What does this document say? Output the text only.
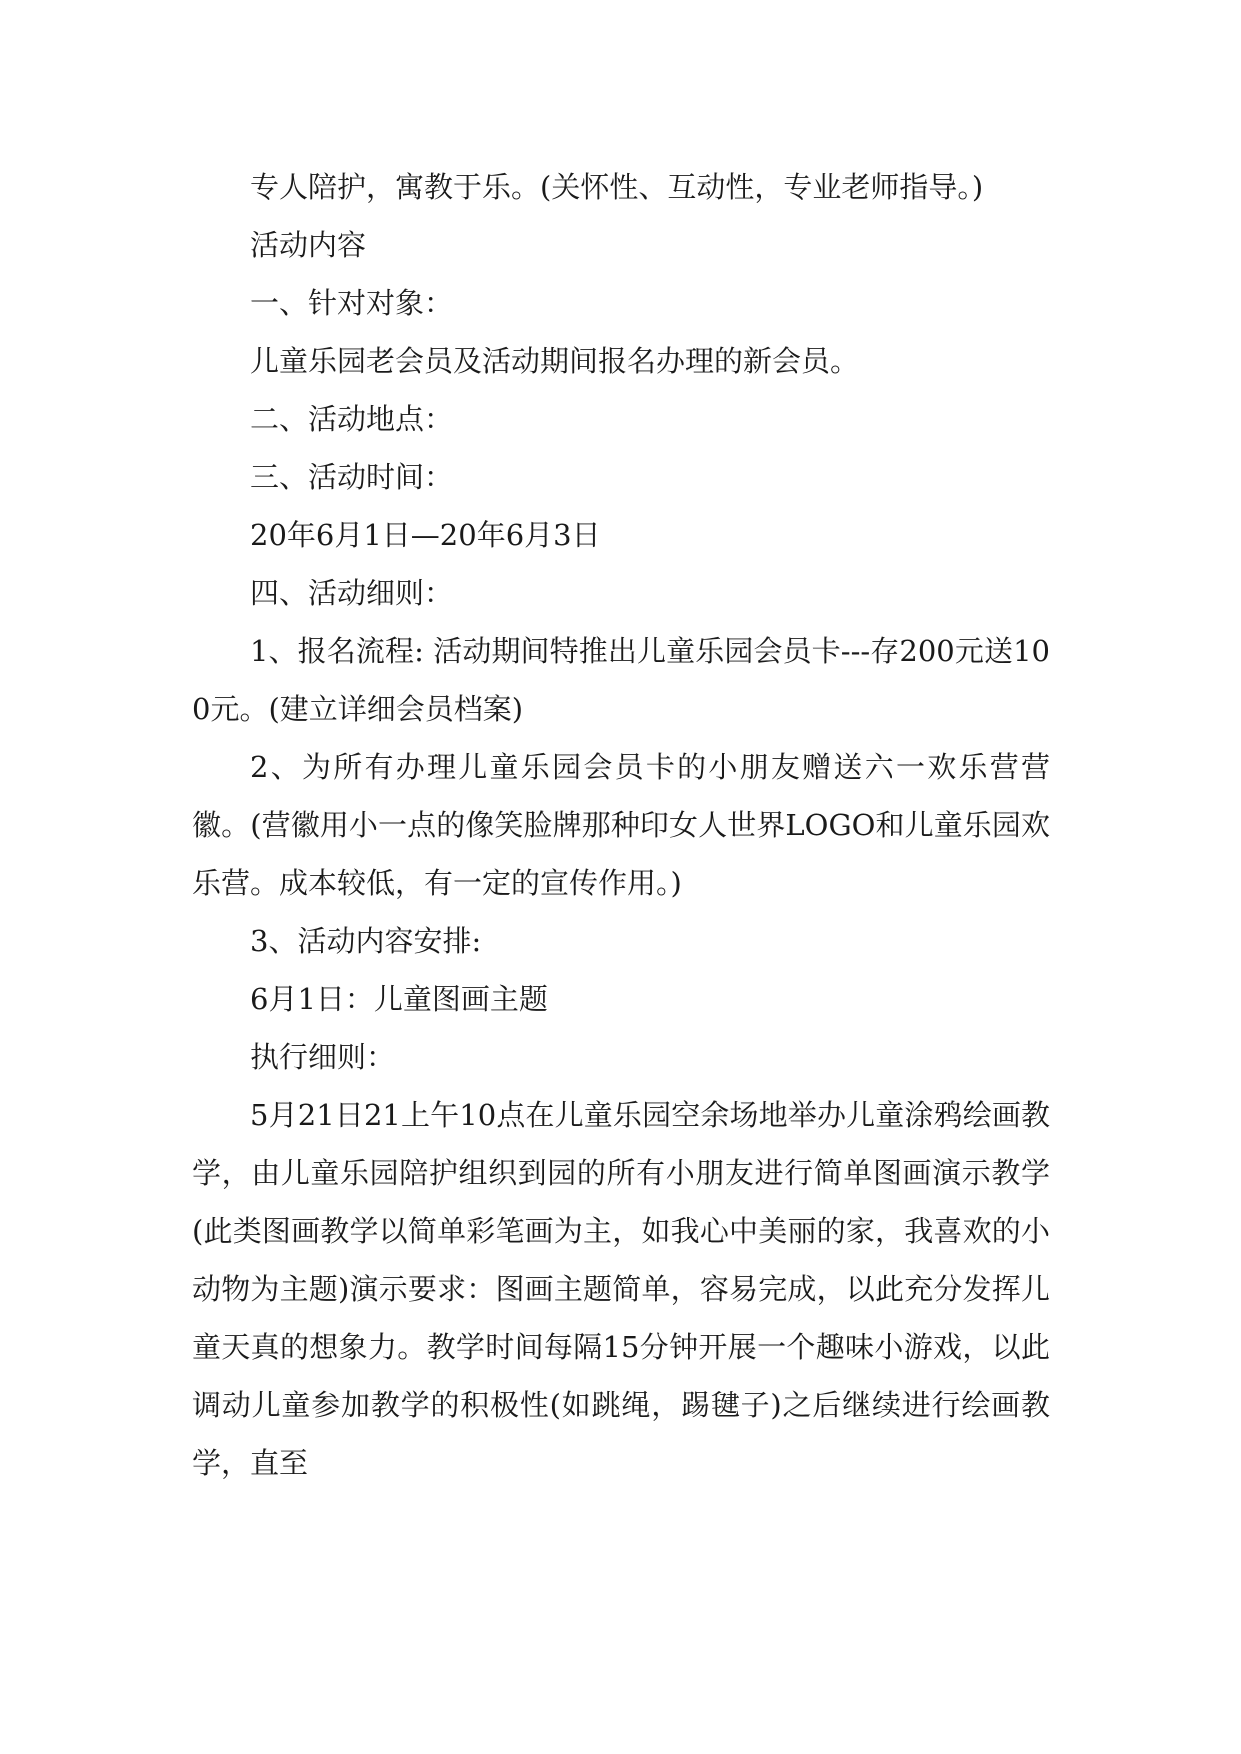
专人陪护，寓教于乐。(关怀性、互动性，专业老师指导。)

活动内容

一、针对对象：

儿童乐园老会员及活动期间报名办理的新会员。

二、活动地点：

三、活动时间：

20年6月1日—20年6月3日

四、活动细则：

1、报名流程: 活动期间特推出儿童乐园会员卡---存200元送100元。(建立详细会员档案)

2、为所有办理儿童乐园会员卡的小朋友赠送六一欢乐营营徽。(营徽用小一点的像笑脸牌那种印女人世界LOGO和儿童乐园欢乐营。成本较低，有一定的宣传作用。)

3、活动内容安排:

6月1日：儿童图画主题

执行细则：

5月21日21上午10点在儿童乐园空余场地举办儿童涂鸦绘画教学，由儿童乐园陪护组织到园的所有小朋友进行简单图画演示教学(此类图画教学以简单彩笔画为主，如我心中美丽的家，我喜欢的小动物为主题)演示要求：图画主题简单，容易完成，以此充分发挥儿童天真的想象力。教学时间每隔15分钟开展一个趣味小游戏，以此调动儿童参加教学的积极性(如跳绳，踢毽子)之后继续进行绘画教学，直至
